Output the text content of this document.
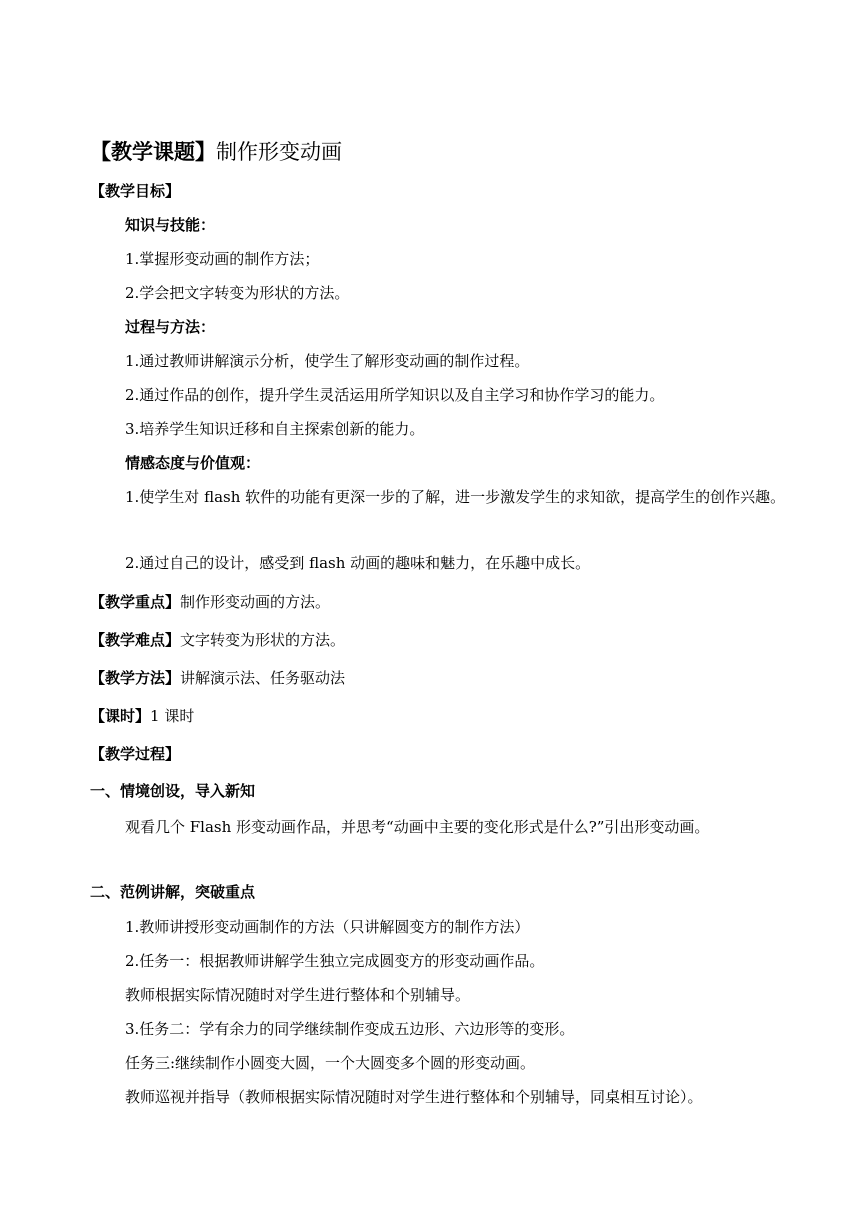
【教学课题】制作形变动画
【教学目标】
知识与技能：
1.掌握形变动画的制作方法；
2.学会把文字转变为形状的方法。
过程与方法：
1.通过教师讲解演示分析，使学生了解形变动画的制作过程。
2.通过作品的创作，提升学生灵活运用所学知识以及自主学习和协作学习的能力。
3.培养学生知识迁移和自主探索创新的能力。
情感态度与价值观：
1.使学生对 flash 软件的功能有更深一步的了解，进一步激发学生的求知欲，提高学生的创作兴趣。
2.通过自己的设计，感受到 flash 动画的趣味和魅力，在乐趣中成长。
【教学重点】制作形变动画的方法。
【教学难点】文字转变为形状的方法。
【教学方法】讲解演示法、任务驱动法
【课时】1 课时
【教学过程】
一、情境创设，导入新知
观看几个 Flash 形变动画作品，并思考“动画中主要的变化形式是什么?”引出形变动画。
二、范例讲解，突破重点
1.教师讲授形变动画制作的方法（只讲解圆变方的制作方法）
2.任务一：根据教师讲解学生独立完成圆变方的形变动画作品。
教师根据实际情况随时对学生进行整体和个别辅导。
3.任务二：学有余力的同学继续制作变成五边形、六边形等的变形。
任务三:继续制作小圆变大圆，一个大圆变多个圆的形变动画。
教师巡视并指导（教师根据实际情况随时对学生进行整体和个别辅导，同桌相互讨论）。
